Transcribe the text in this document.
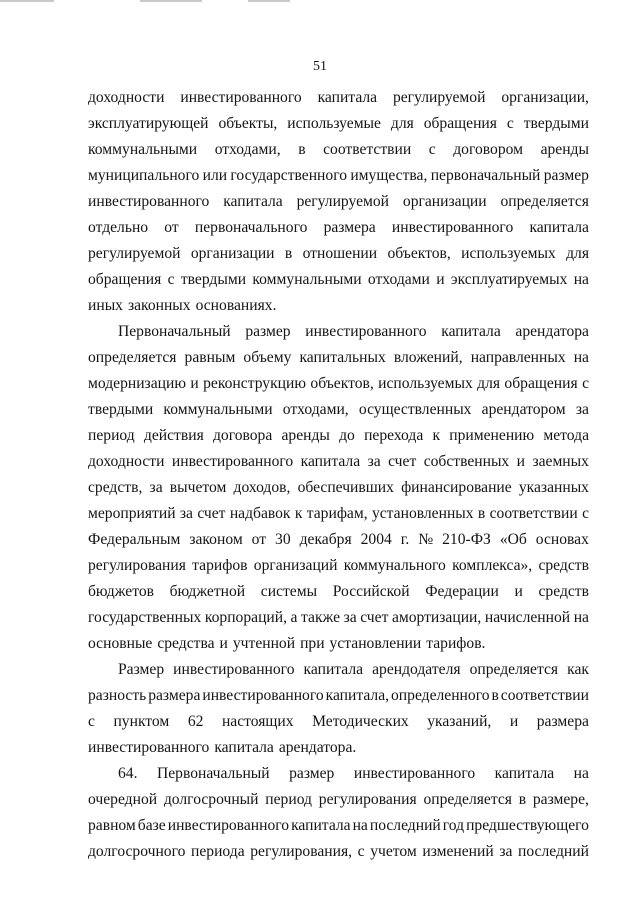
51
доходности инвестированного капитала регулируемой организации,
эксплуатирующей объекты, используемые для обращения с твердыми
коммунальными отходами, в соответствии с договором аренды
муниципального или государственного имущества, первоначальный размер
инвестированного капитала регулируемой организации определяется
отдельно от первоначального размера инвестированного капитала
регулируемой организации в отношении объектов, используемых для
обращения с твердыми коммунальными отходами и эксплуатируемых на
иных законных основаниях.
Первоначальный размер инвестированного капитала арендатора
определяется равным объему капитальных вложений, направленных на
модернизацию и реконструкцию объектов, используемых для обращения с
твердыми коммунальными отходами, осуществленных арендатором за
период действия договора аренды до перехода к применению метода
доходности инвестированного капитала за счет собственных и заемных
средств, за вычетом доходов, обеспечивших финансирование указанных
мероприятий за счет надбавок к тарифам, установленных в соответствии с
Федеральным законом от 30 декабря 2004 г. № 210-ФЗ «Об основах
регулирования тарифов организаций коммунального комплекса», средств
бюджетов бюджетной системы Российской Федерации и средств
государственных корпораций, а также за счет амортизации, начисленной на
основные средства и учтенной при установлении тарифов.
Размер инвестированного капитала арендодателя определяется как
разность размера инвестированного капитала, определенного в соответствии
с пунктом 62 настоящих Методических указаний, и размера
инвестированного капитала арендатора.
64. Первоначальный размер инвестированного капитала на
очередной долгосрочный период регулирования определяется в размере,
равном базе инвестированного капитала на последний год предшествующего
долгосрочного периода регулирования, с учетом изменений за последний
